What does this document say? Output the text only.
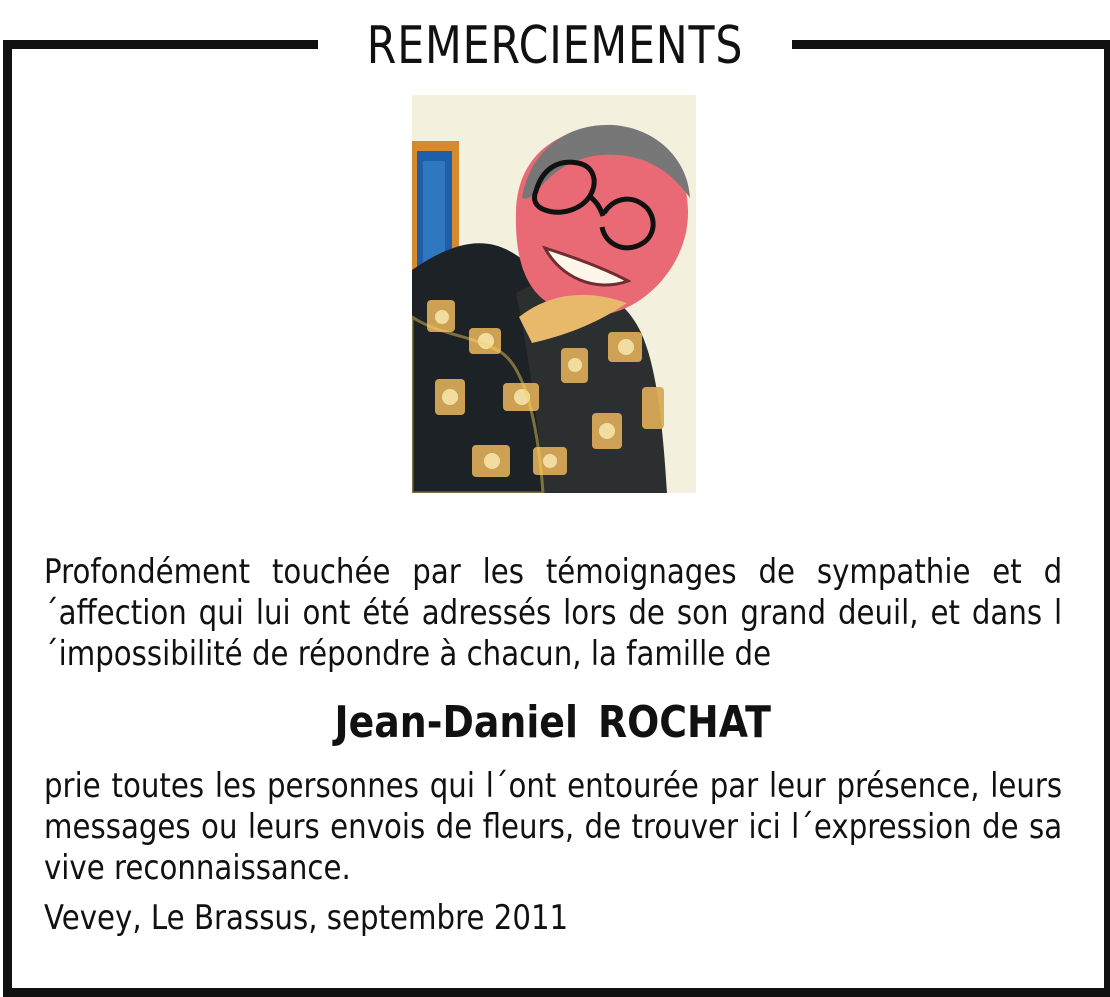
REMERCIEMENTS
Profondément touchée par les témoignages de sympathie et d´affection qui lui ont été adressés lors de son grand deuil, et dans l´impossibilité de répondre à chacun, la famille de
Jean-Daniel ROCHAT
prie toutes les personnes qui l´ont entourée par leur présence, leurs messages ou leurs envois de fleurs, de trouver ici l´expression de sa vive reconnaissance.
Vevey, Le Brassus, septembre 2011
